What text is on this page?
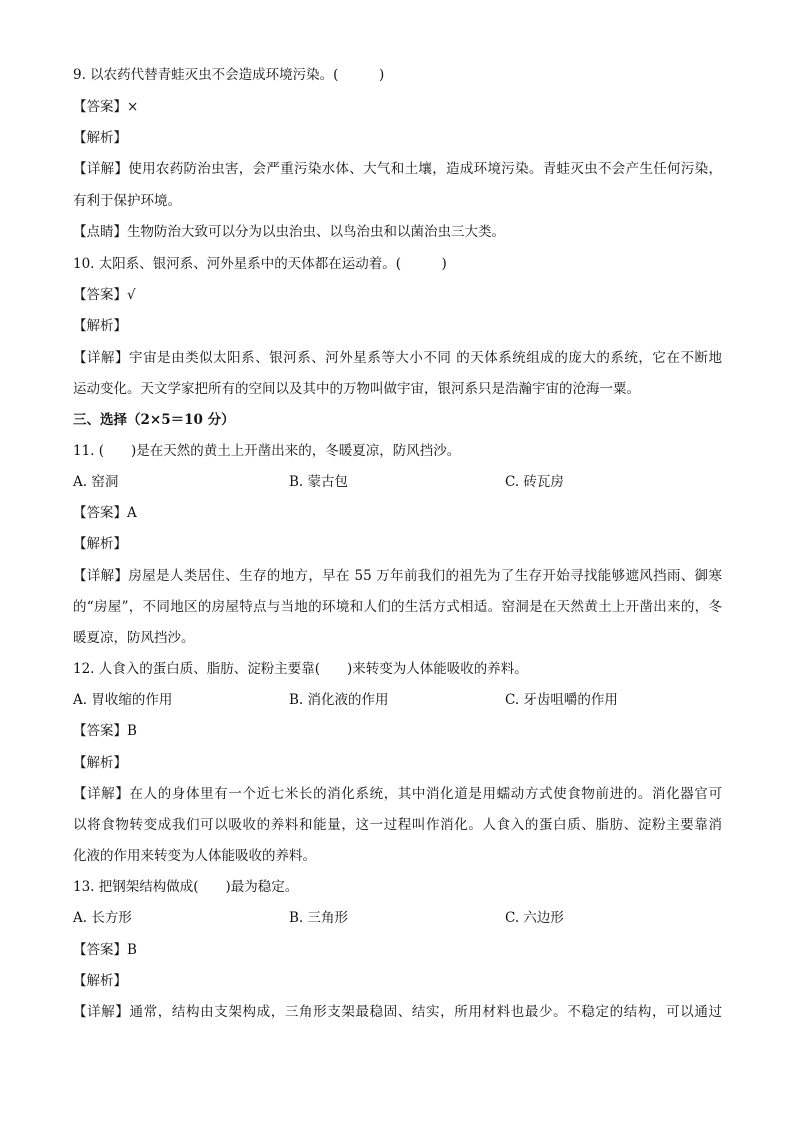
9. 以农药代替青蛙灭虫不会造成环境污染。(　　　)
【答案】×
【解析】
【详解】使用农药防治虫害，会严重污染水体、大气和土壤，造成环境污染。青蛙灭虫不会产生任何污染，
有利于保护环境。
【点睛】生物防治大致可以分为以虫治虫、以鸟治虫和以菌治虫三大类。
10. 太阳系、银河系、河外星系中的天体都在运动着。(　　　)
【答案】√
【解析】
【详解】宇宙是由类似太阳系、银河系、河外星系等大小不同 的天体系统组成的庞大的系统，它在不断地
运动变化。天文学家把所有的空间以及其中的万物叫做宇宙，银河系只是浩瀚宇宙的沧海一粟。
三、选择（2×5＝10 分）
11. (　　)是在天然的黄土上开凿出来的，冬暖夏凉，防风挡沙。
A. 窑洞	B. 蒙古包	C. 砖瓦房
【答案】A
【解析】
【详解】房屋是人类居住、生存的地方，早在 55 万年前我们的祖先为了生存开始寻找能够遮风挡雨、御寒
的“房屋”，不同地区的房屋特点与当地的环境和人们的生活方式相适。窑洞是在天然黄土上开凿出来的，冬
暖夏凉，防风挡沙。
12. 人食入的蛋白质、脂肪、淀粉主要靠(　　)来转变为人体能吸收的养料。
A. 胃收缩的作用	B. 消化液的作用	C. 牙齿咀嚼的作用
【答案】B
【解析】
【详解】在人的身体里有一个近七米长的消化系统，其中消化道是用蠕动方式使食物前进的。消化器官可
以将食物转变成我们可以吸收的养料和能量，这一过程叫作消化。人食入的蛋白质、脂肪、淀粉主要靠消
化液的作用来转变为人体能吸收的养料。
13. 把钢架结构做成(　　)最为稳定。
A. 长方形	B. 三角形	C. 六边形
【答案】B
【解析】
【详解】通常，结构由支架构成，三角形支架最稳固、结实，所用材料也最少。不稳定的结构，可以通过
